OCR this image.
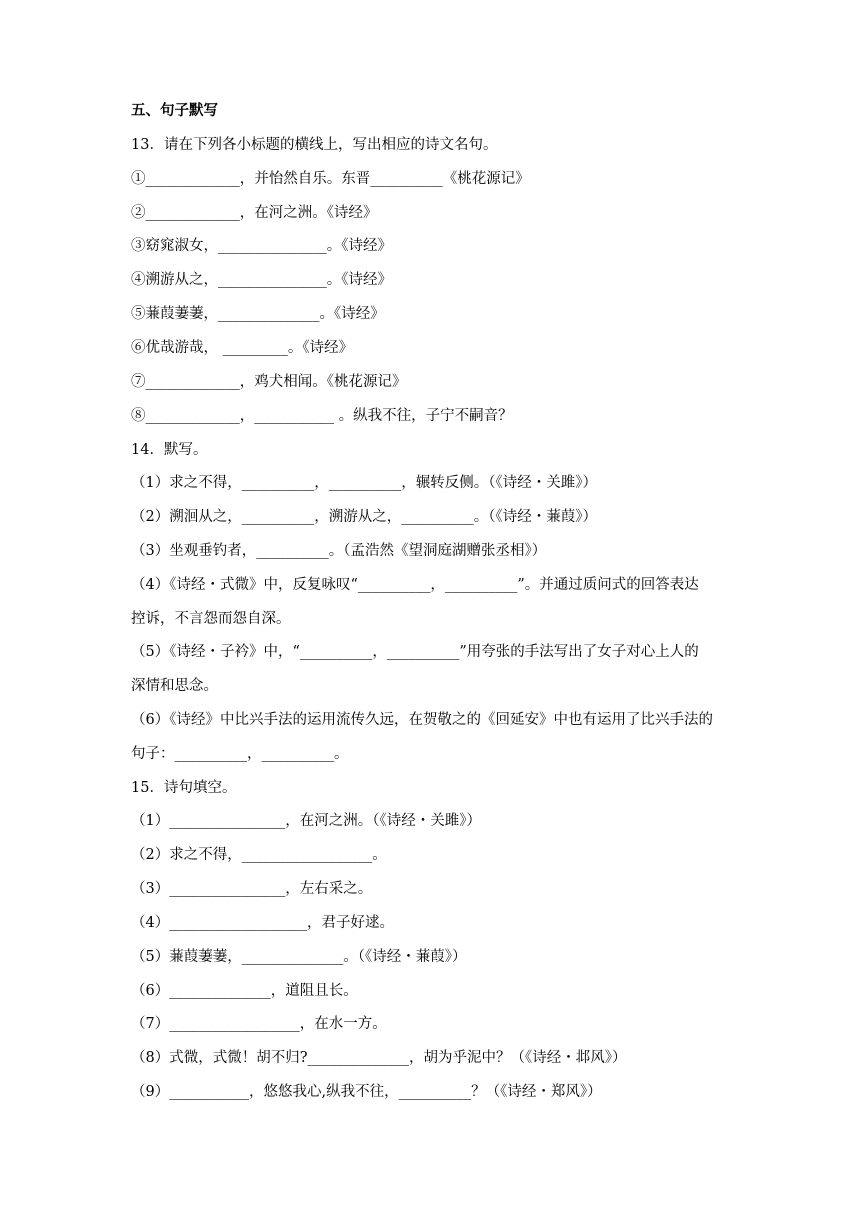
五、句子默写
13．请在下列各小标题的横线上，写出相应的诗文名句。
①_____________，并怡然自乐。东晋__________《桃花源记》
②_____________，在河之洲。《诗经》
③窈窕淑女，_______________。《诗经》
④溯游从之，_______________。《诗经》
⑤蒹葭萋萋，______________。《诗经》
⑥优哉游哉， _________。《诗经》
⑦_____________，鸡犬相闻。《桃花源记》
⑧_____________，___________ 。纵我不往，子宁不嗣音？
14．默写。
（1）求之不得，__________，__________，辗转反侧。（《诗经・关雎》）
（2）溯洄从之，__________，溯游从之，__________。（《诗经・蒹葭》）
（3）坐观垂钓者，__________。（孟浩然《望洞庭湖赠张丞相》）
（4）《诗经・式微》中，反复咏叹“__________，__________”。并通过质问式的回答表达
控诉，不言怨而怨自深。
（5）《诗经・子衿》中，“__________，__________”用夸张的手法写出了女子对心上人的
深情和思念。
（6）《诗经》中比兴手法的运用流传久远，在贺敬之的《回延安》中也有运用了比兴手法的
句子：__________，__________。
15．诗句填空。
（1）________________，在河之洲。（《诗经・关雎》）
（2）求之不得，__________________。
（3）________________，左右采之。
（4）___________________，君子好逑。
（5）蒹葭萋萋，______________。（《诗经・蒹葭》）
（6）______________，道阻且长。
（7）__________________，在水一方。
（8）式微，式微！胡不归?______________，胡为乎泥中？（《诗经・邶风》）
（9）___________，悠悠我心,纵我不往，__________？（《诗经・郑风》）
